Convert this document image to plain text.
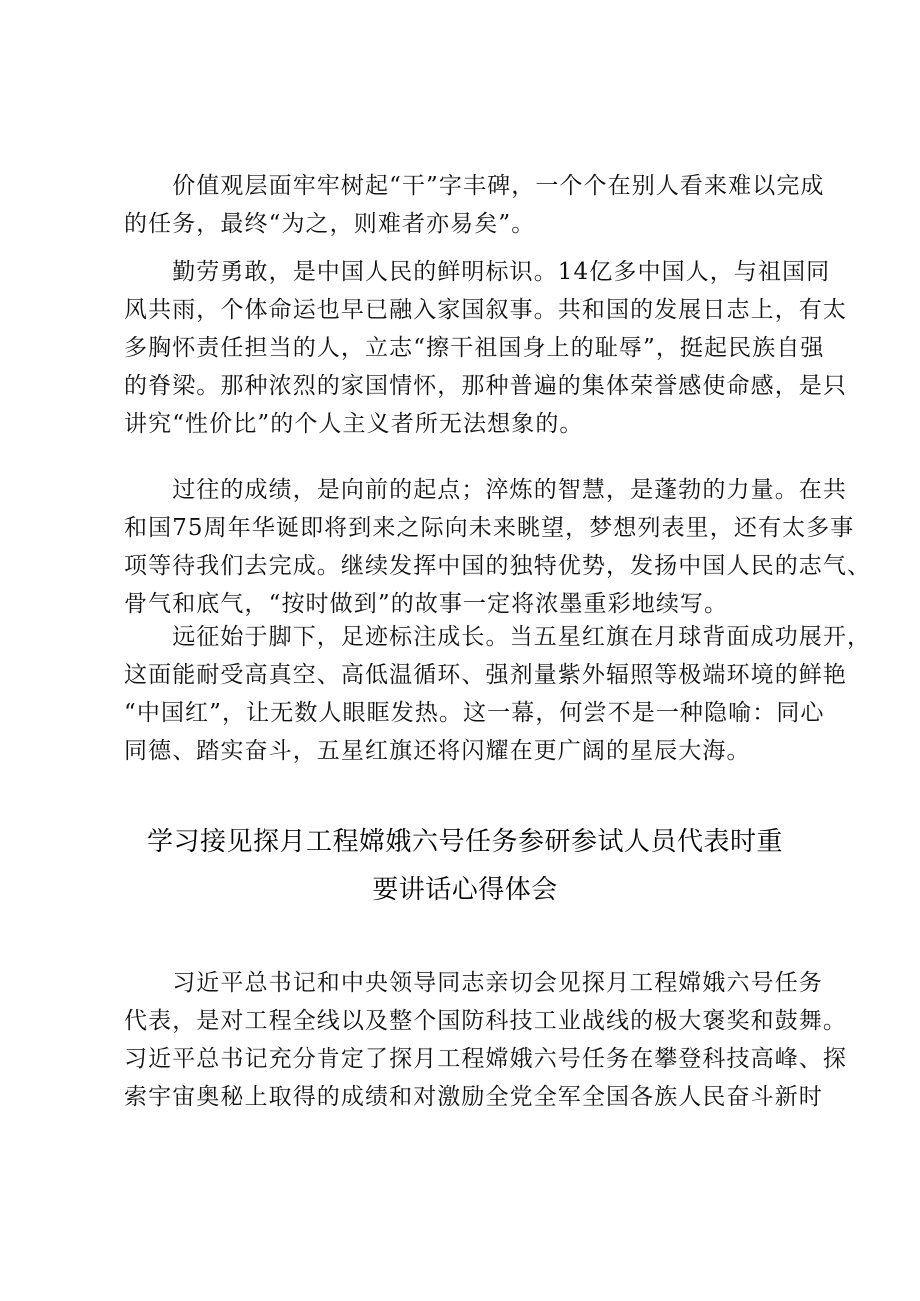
　　价值观层面牢牢树起“干”字丰碑，一个个在别人看来难以完成
的任务，最终“为之，则难者亦易矣”。
　　勤劳勇敢，是中国人民的鲜明标识。14亿多中国人，与祖国同
风共雨，个体命运也早已融入家国叙事。共和国的发展日志上，有太
多胸怀责任担当的人，立志“擦干祖国身上的耻辱”，挺起民族自强
的脊梁。那种浓烈的家国情怀，那种普遍的集体荣誉感使命感，是只
讲究“性价比”的个人主义者所无法想象的。
　　过往的成绩，是向前的起点；淬炼的智慧，是蓬勃的力量。在共
和国75周年华诞即将到来之际向未来眺望，梦想列表里，还有太多事
项等待我们去完成。继续发挥中国的独特优势，发扬中国人民的志气、
骨气和底气，“按时做到”的故事一定将浓墨重彩地续写。
　　远征始于脚下，足迹标注成长。当五星红旗在月球背面成功展开，
这面能耐受高真空、高低温循环、强剂量紫外辐照等极端环境的鲜艳
“中国红”，让无数人眼眶发热。这一幕，何尝不是一种隐喻：同心
同德、踏实奋斗，五星红旗还将闪耀在更广阔的星辰大海。
学习接见探月工程嫦娥六号任务参研参试人员代表时重
要讲话心得体会
　　习近平总书记和中央领导同志亲切会见探月工程嫦娥六号任务
代表，是对工程全线以及整个国防科技工业战线的极大褒奖和鼓舞。
习近平总书记充分肯定了探月工程嫦娥六号任务在攀登科技高峰、探
索宇宙奥秘上取得的成绩和对激励全党全军全国各族人民奋斗新时
